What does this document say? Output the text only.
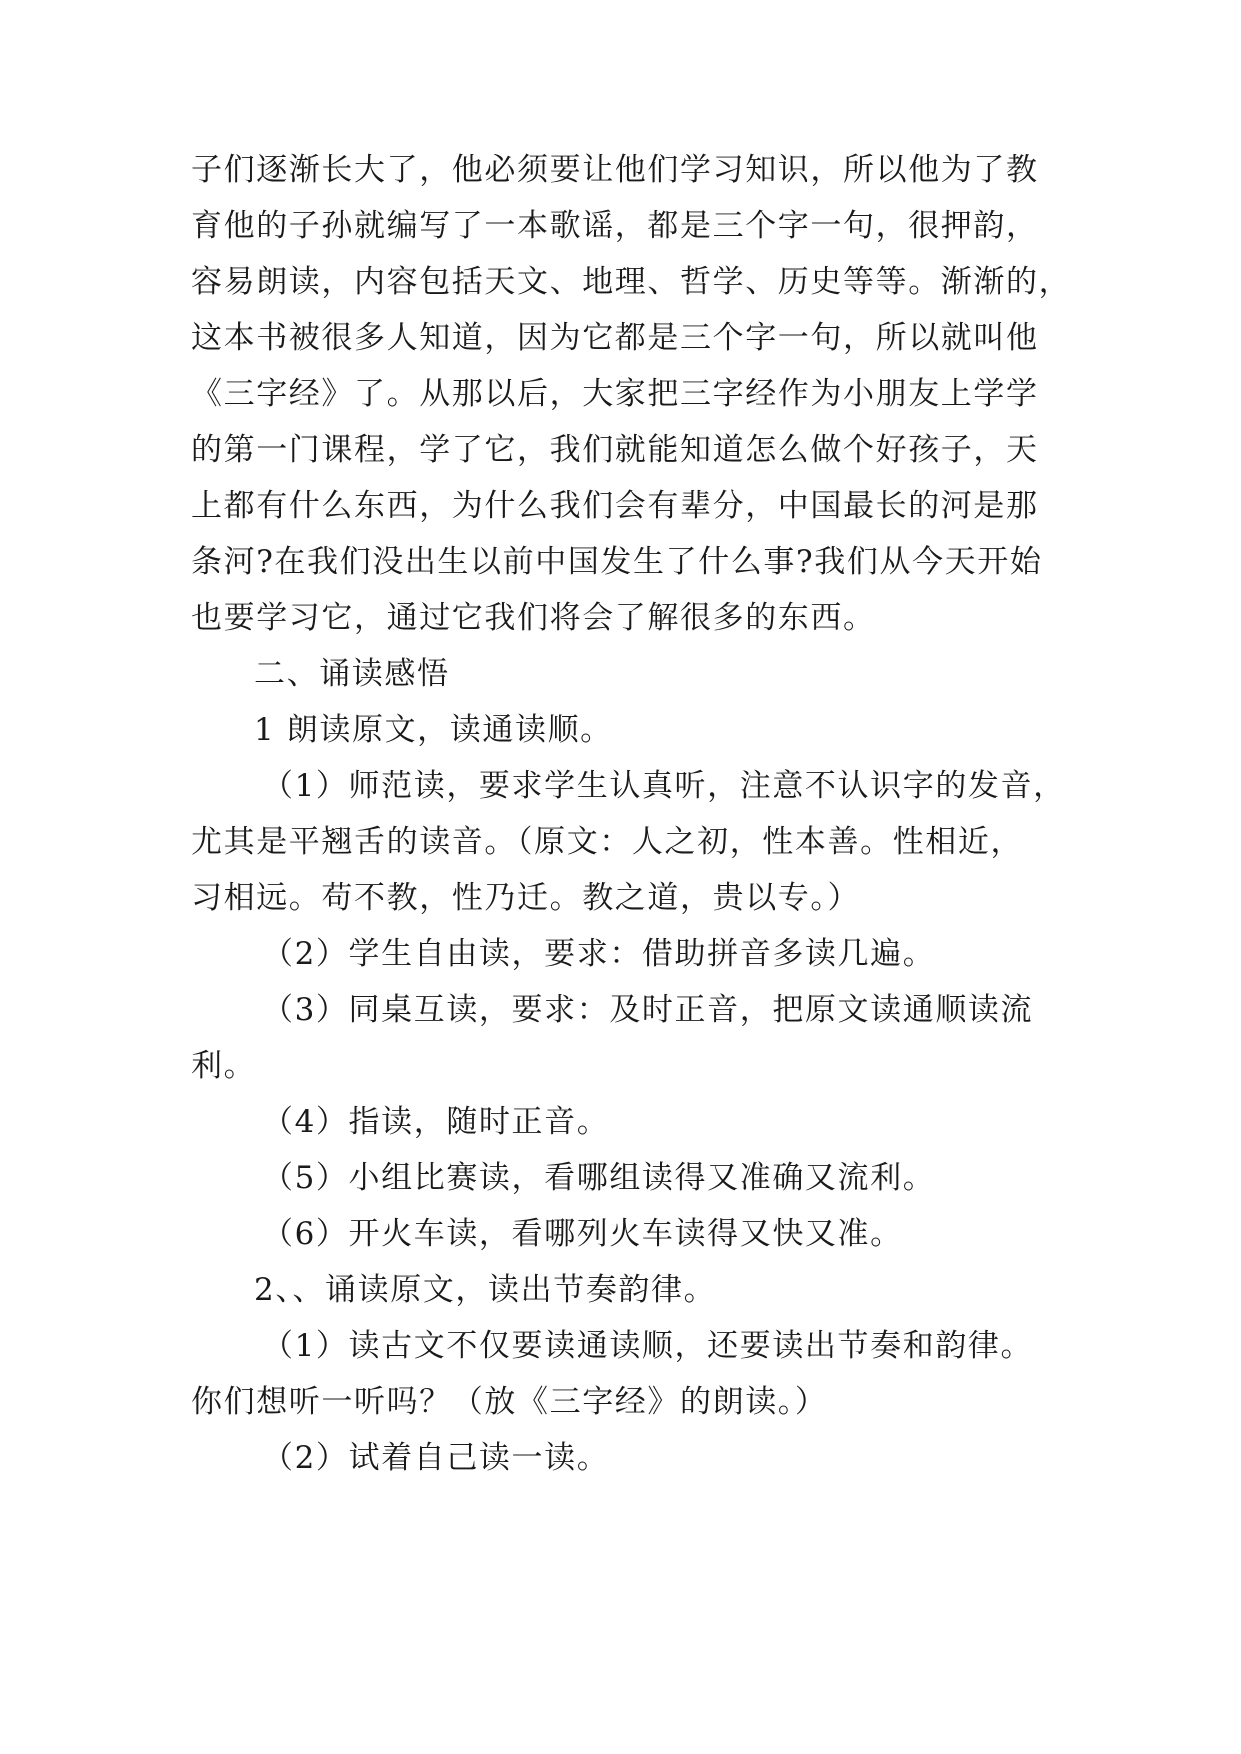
子们逐渐长大了，他必须要让他们学习知识，所以他为了教
育他的子孙就编写了一本歌谣，都是三个字一句，很押韵，
容易朗读，内容包括天文、地理、哲学、历史等等。渐渐的，
这本书被很多人知道，因为它都是三个字一句，所以就叫他
《三字经》了。从那以后，大家把三字经作为小朋友上学学
的第一门课程，学了它，我们就能知道怎么做个好孩子，天
上都有什么东西，为什么我们会有辈分，中国最长的河是那
条河?在我们没出生以前中国发生了什么事?我们从今天开始
也要学习它，通过它我们将会了解很多的东西。
二、诵读感悟
1 朗读原文，读通读顺。
（1）师范读，要求学生认真听，注意不认识字的发音，
尤其是平翘舌的读音。（原文：人之初，性本善。性相近，
习相远。苟不教，性乃迁。教之道，贵以专。）
（2）学生自由读，要求：借助拼音多读几遍。
（3）同桌互读，要求：及时正音，把原文读通顺读流
利。
（4）指读，随时正音。
（5）小组比赛读，看哪组读得又准确又流利。
（6）开火车读，看哪列火车读得又快又准。
2、、诵读原文，读出节奏韵律。
（1）读古文不仅要读通读顺，还要读出节奏和韵律。
你们想听一听吗？（放《三字经》的朗读。）
（2）试着自己读一读。
